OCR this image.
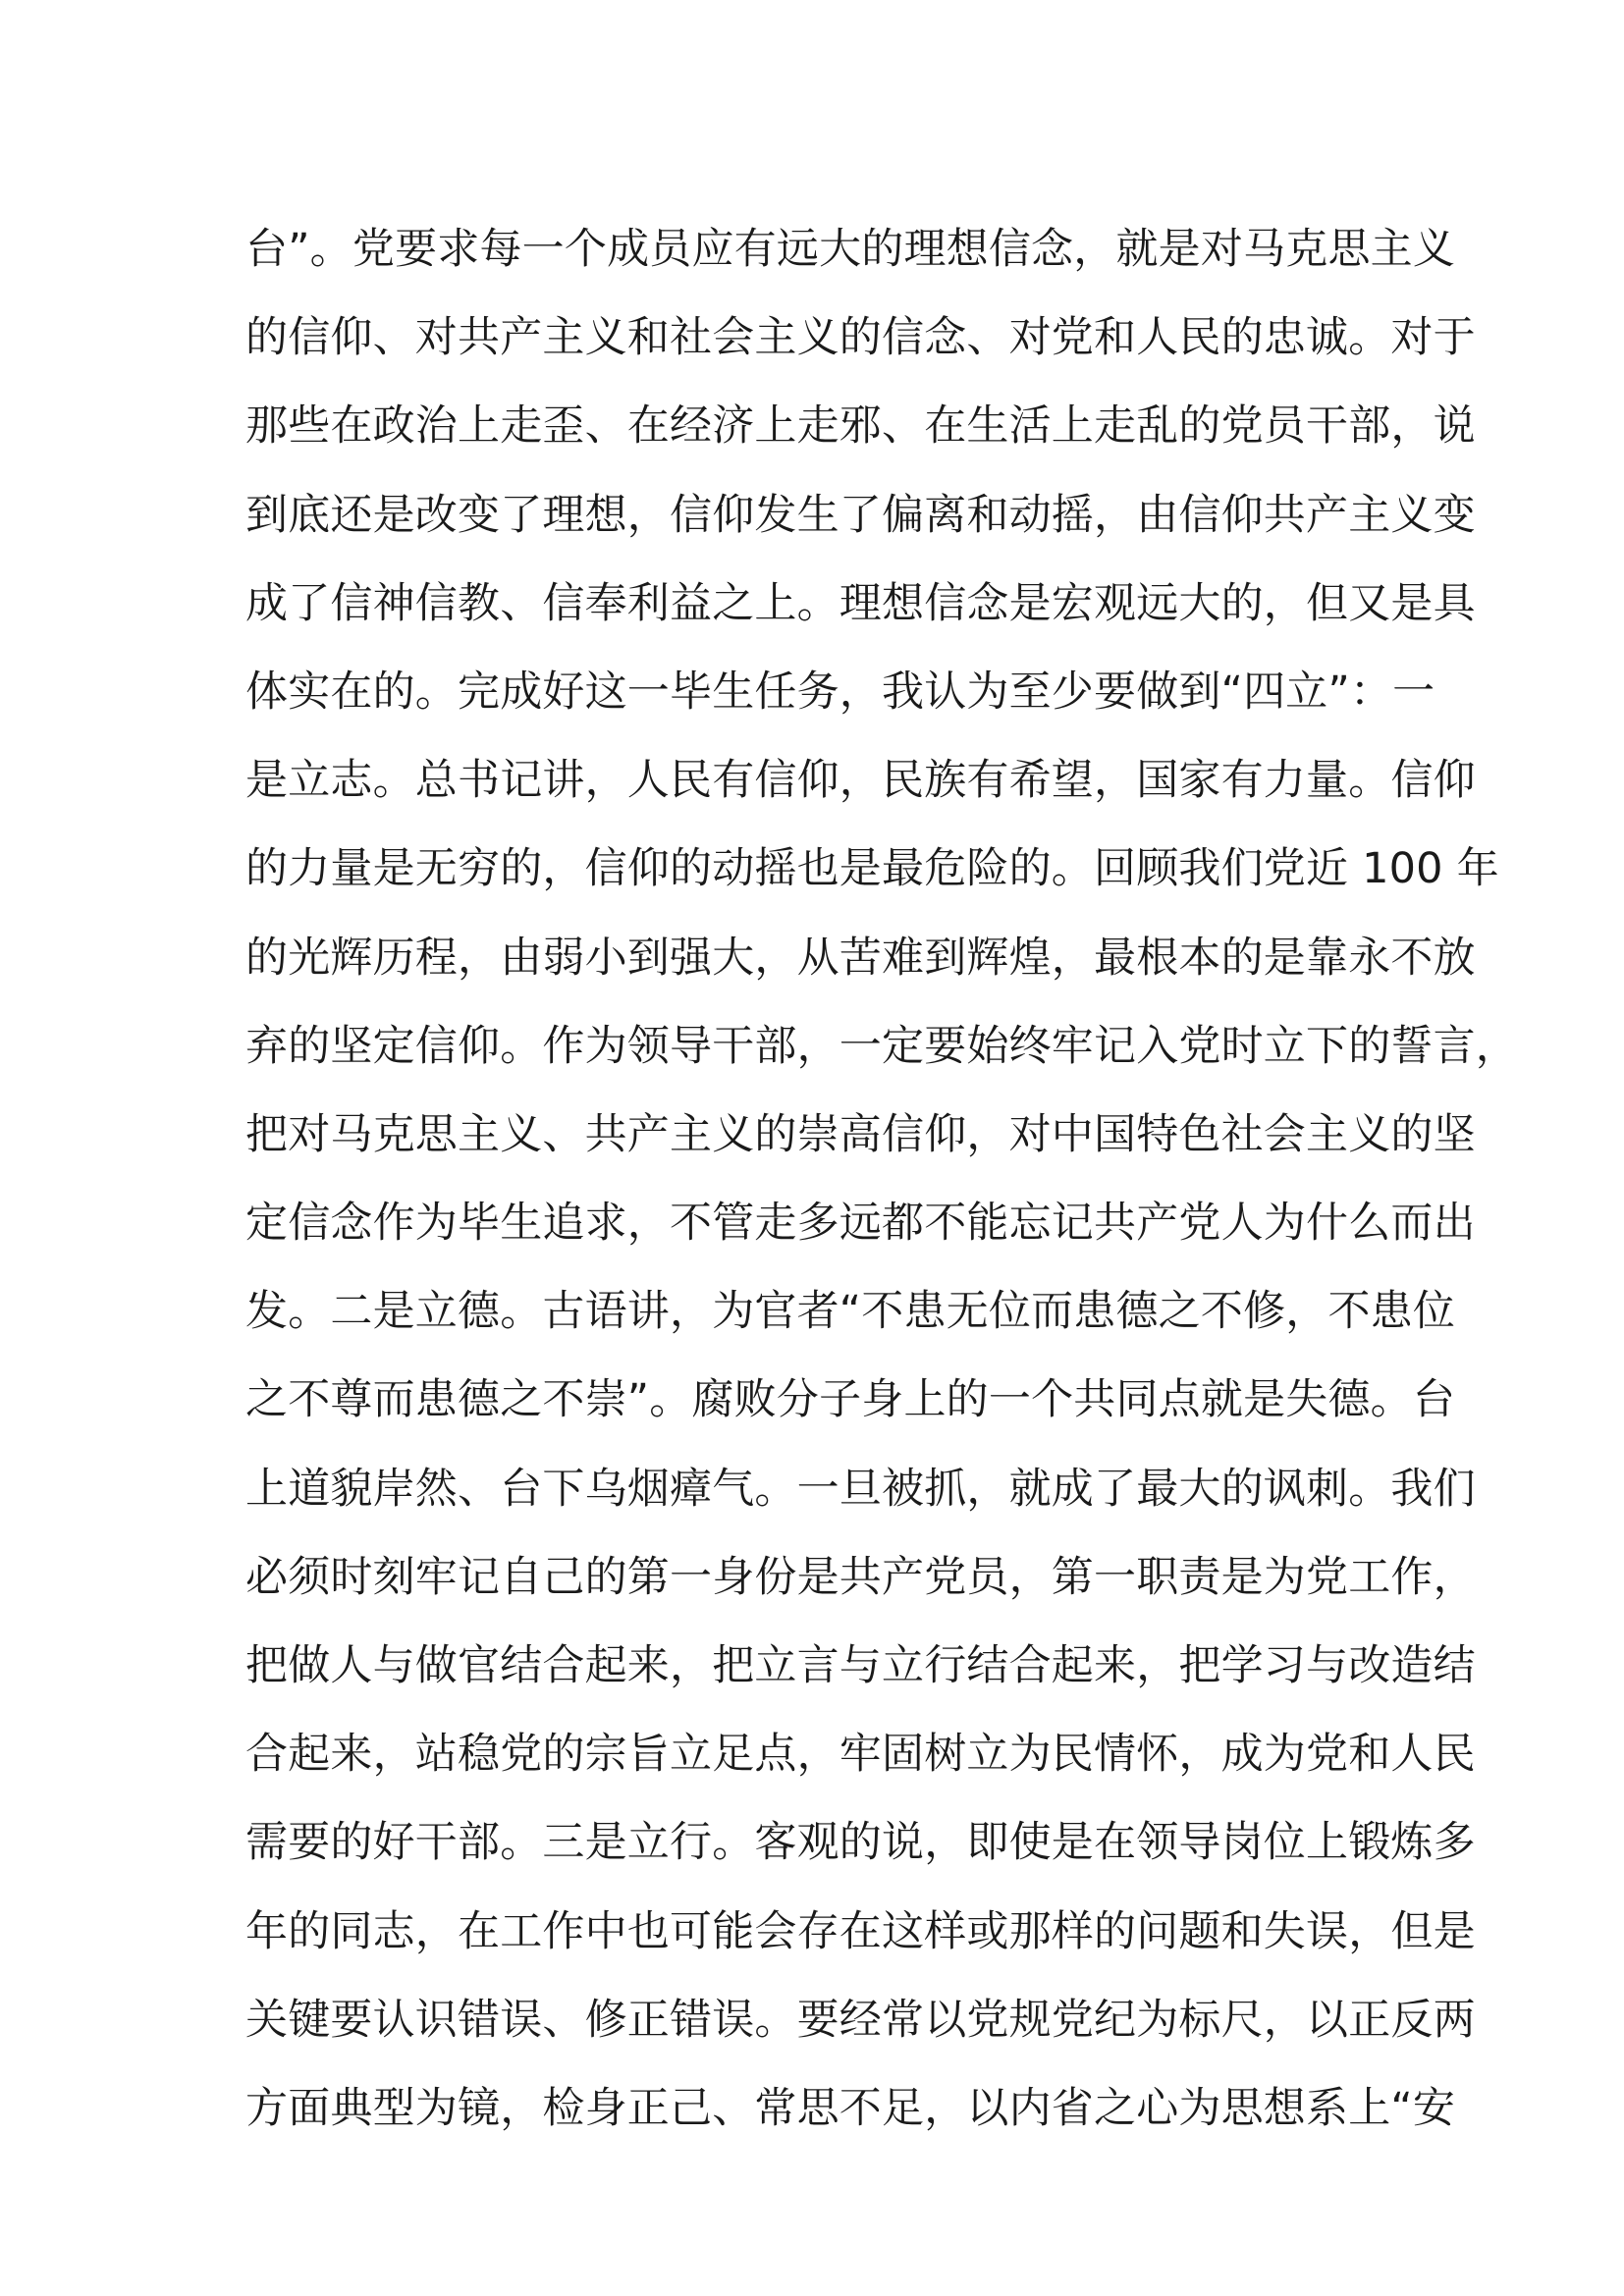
台”。党要求每一个成员应有远大的理想信念，就是对马克思主义
的信仰、对共产主义和社会主义的信念、对党和人民的忠诚。对于
那些在政治上走歪、在经济上走邪、在生活上走乱的党员干部，说
到底还是改变了理想，信仰发生了偏离和动摇，由信仰共产主义变
成了信神信教、信奉利益之上。理想信念是宏观远大的，但又是具
体实在的。完成好这一毕生任务，我认为至少要做到“四立”：一
是立志。总书记讲，人民有信仰，民族有希望，国家有力量。信仰
的力量是无穷的，信仰的动摇也是最危险的。回顾我们党近 100 年
的光辉历程，由弱小到强大，从苦难到辉煌，最根本的是靠永不放
弃的坚定信仰。作为领导干部，一定要始终牢记入党时立下的誓言，
把对马克思主义、共产主义的崇高信仰，对中国特色社会主义的坚
定信念作为毕生追求，不管走多远都不能忘记共产党人为什么而出
发。二是立德。古语讲，为官者“不患无位而患德之不修，不患位
之不尊而患德之不崇”。腐败分子身上的一个共同点就是失德。台
上道貌岸然、台下乌烟瘴气。一旦被抓，就成了最大的讽刺。我们
必须时刻牢记自己的第一身份是共产党员，第一职责是为党工作，
把做人与做官结合起来，把立言与立行结合起来，把学习与改造结
合起来，站稳党的宗旨立足点，牢固树立为民情怀，成为党和人民
需要的好干部。三是立行。客观的说，即使是在领导岗位上锻炼多
年的同志，在工作中也可能会存在这样或那样的问题和失误，但是
关键要认识错误、修正错误。要经常以党规党纪为标尺，以正反两
方面典型为镜，检身正己、常思不足，以内省之心为思想系上“安
